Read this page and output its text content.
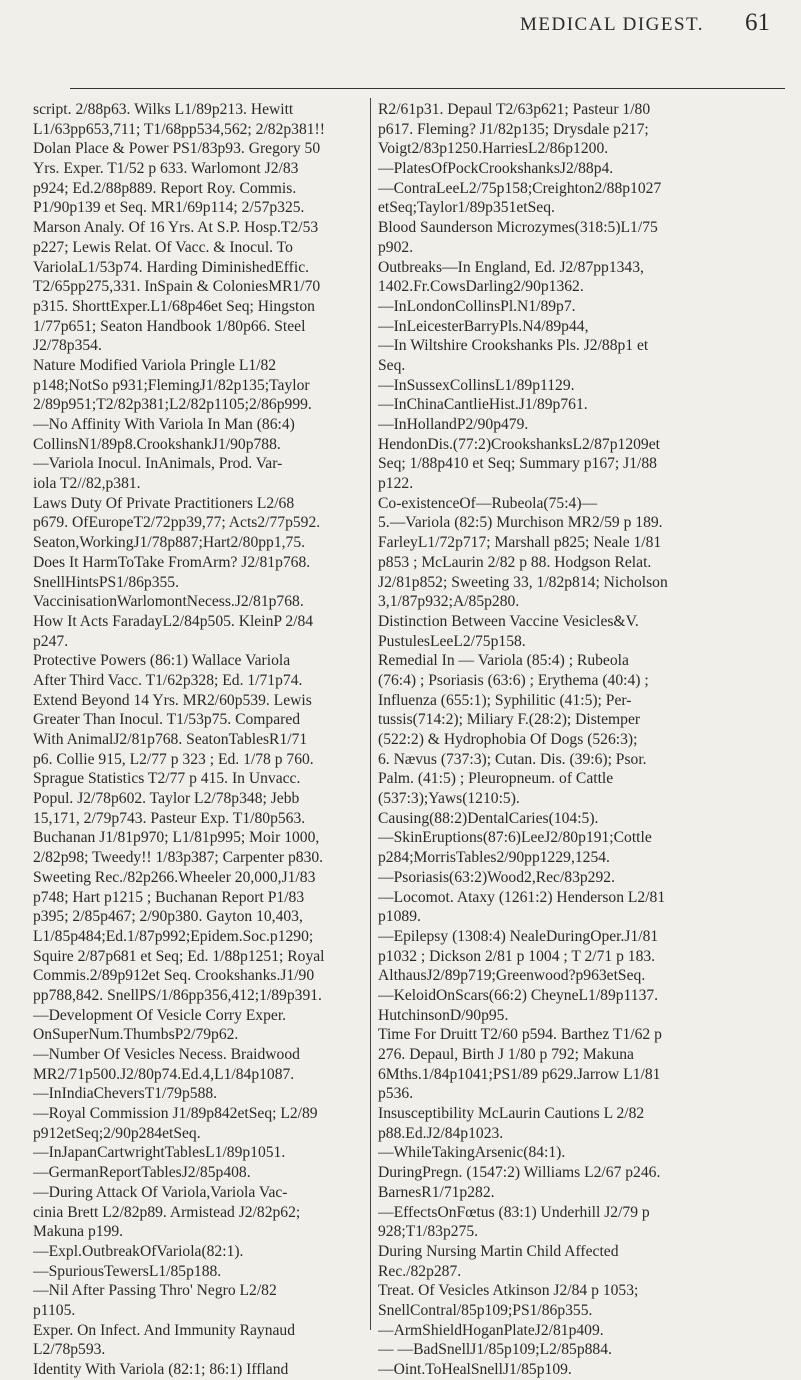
MEDICAL DIGEST. 61
script. 2/88p63. Wilks L1/89p213. Hewitt
L1/63pp653,711; T1/68pp534,562; 2/82p381!!
Dolan Place & Power PS1/83p93. Gregory 50
Yrs. Exper. T1/52 p 633. Warlomont J2/83
p924; Ed.2/88p889. Report Roy. Commis.
P1/90p139 et Seq. MR1/69p114; 2/57p325.
Marson Analy. Of 16 Yrs. At S.P. Hosp.T2/53
p227; Lewis Relat. Of Vacc. & Inocul. To
VariolaL1/53p74. Harding DiminishedEffic.
T2/65pp275,331. InSpain & ColoniesMR1/70
p315. ShorttExper.L1/68p46et Seq; Hingston
1/77p651; Seaton Handbook 1/80p66. Steel
J2/78p354.
Nature Modified Variola Pringle L1/82
p148;NotSo p931;FlemingJ1/82p135;Taylor
2/89p951;T2/82p381;L2/82p1105;2/86p999.
—No Affinity With Variola In Man (86:4)
CollinsN1/89p8.CrookshankJ1/90p788.
—Variola Inocul. InAnimals, Prod. Var-
iola T2//82,p381.
Laws Duty Of Private Practitioners L2/68
p679. OfEuropeT2/72pp39,77; Acts2/77p592.
Seaton,WorkingJ1/78p887;Hart2/80pp1,75.
Does It HarmToTake FromArm? J2/81p768.
SnellHintsPS1/86p355.
VaccinisationWarlomontNecess.J2/81p768.
How It Acts FaradayL2/84p505. KleinP 2/84
p247.
Protective Powers (86:1) Wallace Variola
After Third Vacc. T1/62p328; Ed. 1/71p74.
Extend Beyond 14 Yrs. MR2/60p539. Lewis
Greater Than Inocul. T1/53p75. Compared
With AnimalJ2/81p768. SeatonTablesR1/71
p6. Collie 915, L2/77 p 323 ; Ed. 1/78 p 760.
Sprague Statistics T2/77 p 415. In Unvacc.
Popul. J2/78p602. Taylor L2/78p348; Jebb
15,171, 2/79p743. Pasteur Exp. T1/80p563.
Buchanan J1/81p970; L1/81p995; Moir 1000,
2/82p98; Tweedy!! 1/83p387; Carpenter p830.
Sweeting Rec./82p266.Wheeler 20,000,J1/83
p748; Hart p1215 ; Buchanan Report P1/83
p395; 2/85p467; 2/90p380. Gayton 10,403,
L1/85p484;Ed.1/87p992;Epidem.Soc.p1290;
Squire 2/87p681 et Seq; Ed. 1/88p1251; Royal
Commis.2/89p912et Seq. Crookshanks.J1/90
pp788,842. SnellPS/1/86pp356,412;1/89p391.
—Development Of Vesicle Corry Exper.
OnSuperNum.ThumbsP2/79p62.
—Number Of Vesicles Necess. Braidwood
MR2/71p500.J2/80p74.Ed.4,L1/84p1087.
—InIndiaCheversT1/79p588.
—Royal Commission J1/89p842etSeq; L2/89
p912etSeq;2/90p284etSeq.
—InJapanCartwrightTablesL1/89p1051.
—GermanReportTablesJ2/85p408.
—During Attack Of Variola,Variola Vac-
cinia Brett L2/82p89. Armistead J2/82p62;
Makuna p199.
—Expl.OutbreakOfVariola(82:1).
—SpuriousTewersL1/85p188.
—Nil After Passing Thro' Negro L2/82
p1105.
Exper. On Infect. And Immunity Raynaud
L2/78p593.
Identity With Variola (82:1; 86:1) Iffland
R2/61p31. Depaul T2/63p621; Pasteur 1/80
p617. Fleming? J1/82p135; Drysdale p217;
Voigt2/83p1250.HarriesL2/86p1200.
—PlatesOfPockCrookshanksJ2/88p4.
—ContraLeeL2/75p158;Creighton2/88p1027
etSeq;Taylor1/89p351etSeq.
Blood Saunderson Microzymes(318:5)L1/75
p902.
Outbreaks—In England, Ed. J2/87pp1343,
1402.Fr.CowsDarling2/90p1362.
—InLondonCollinsPl.N1/89p7.
—InLeicesterBarryPls.N4/89p44,
—In Wiltshire Crookshanks Pls. J2/88p1 et
Seq.
—InSussexCollinsL1/89p1129.
—InChinaCantlieHist.J1/89p761.
—InHollandP2/90p479.
HendonDis.(77:2)CrookshanksL2/87p1209et
Seq; 1/88p410 et Seq; Summary p167; J1/88
p122.
Co-existenceOf—Rubeola(75:4)—
5.—Variola (82:5) Murchison MR2/59 p 189.
FarleyL1/72p717; Marshall p825; Neale 1/81
p853 ; McLaurin 2/82 p 88. Hodgson Relat.
J2/81p852; Sweeting 33, 1/82p814; Nicholson
3,1/87p932;A/85p280.
Distinction Between Vaccine Vesicles&V.
PustulesLeeL2/75p158.
Remedial In — Variola (85:4) ; Rubeola
(76:4) ; Psoriasis (63:6) ; Erythema (40:4) ;
Influenza (655:1); Syphilitic (41:5); Per-
tussis(714:2); Miliary F.(28:2); Distemper
(522:2) & Hydrophobia Of Dogs (526:3);
6. Nævus (737:3); Cutan. Dis. (39:6); Psor.
Palm. (41:5) ; Pleuropneum. of Cattle
(537:3);Yaws(1210:5).
Causing(88:2)DentalCaries(104:5).
—SkinEruptions(87:6)LeeJ2/80p191;Cottle
p284;MorrisTables2/90pp1229,1254.
—Psoriasis(63:2)Wood2,Rec/83p292.
—Locomot. Ataxy (1261:2) Henderson L2/81
p1089.
—Epilepsy (1308:4) NealeDuringOper.J1/81
p1032 ; Dickson 2/81 p 1004 ; T 2/71 p 183.
AlthausJ2/89p719;Greenwood?p963etSeq.
—KeloidOnScars(66:2) CheyneL1/89p1137.
HutchinsonD/90p95.
Time For Druitt T2/60 p594. Barthez T1/62 p
276. Depaul, Birth J 1/80 p 792; Makuna
6Mths.1/84p1041;PS1/89 p629.Jarrow L1/81
p536.
Insusceptibility McLaurin Cautions L 2/82
p88.Ed.J2/84p1023.
—WhileTakingArsenic(84:1).
DuringPregn. (1547:2) Williams L2/67 p246.
BarnesR1/71p282.
—EffectsOnFœtus (83:1) Underhill J2/79 p
928;T1/83p275.
During Nursing Martin Child Affected
Rec./82p287.
Treat. Of Vesicles Atkinson J2/84 p 1053;
SnellContral/85p109;PS1/86p355.
—ArmShieldHoganPlateJ2/81p409.
— —BadSnellJ1/85p109;L2/85p884.
—Oint.ToHealSnellJ1/85p109.
